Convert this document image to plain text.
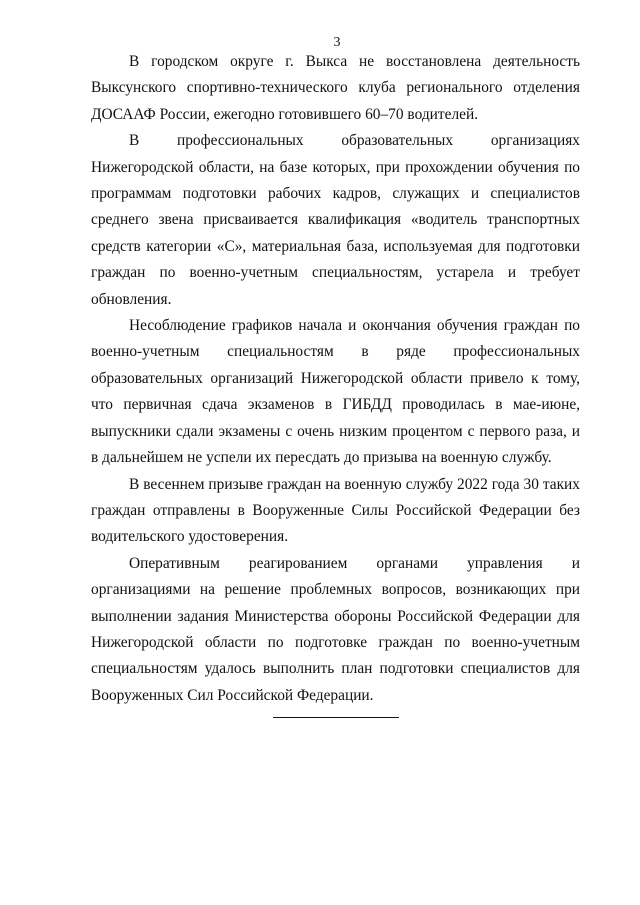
3

В городском округе г. Выкса не восстановлена деятельность Выксунского спортивно-технического клуба регионального отделения ДОСААФ России, ежегодно готовившего 60–70 водителей.

В профессиональных образовательных организациях Нижегородской области, на базе которых, при прохождении обучения по программам подготовки рабочих кадров, служащих и специалистов среднего звена присваивается квалификация «водитель транспортных средств категории «С», материальная база, используемая для подготовки граждан по военно-учетным специальностям, устарела и требует обновления.

Несоблюдение графиков начала и окончания обучения граждан по военно-учетным специальностям в ряде профессиональных образовательных организаций Нижегородской области привело к тому, что первичная сдача экзаменов в ГИБДД проводилась в мае-июне, выпускники сдали экзамены с очень низким процентом с первого раза, и в дальнейшем не успели их пересдать до призыва на военную службу.

В весеннем призыве граждан на военную службу 2022 года 30 таких граждан отправлены в Вооруженные Силы Российской Федерации без водительского удостоверения.

Оперативным реагированием органами управления и организациями на решение проблемных вопросов, возникающих при выполнении задания Министерства обороны Российской Федерации для Нижегородской области по подготовке граждан по военно-учетным специальностям удалось выполнить план подготовки специалистов для Вооруженных Сил Российской Федерации.
